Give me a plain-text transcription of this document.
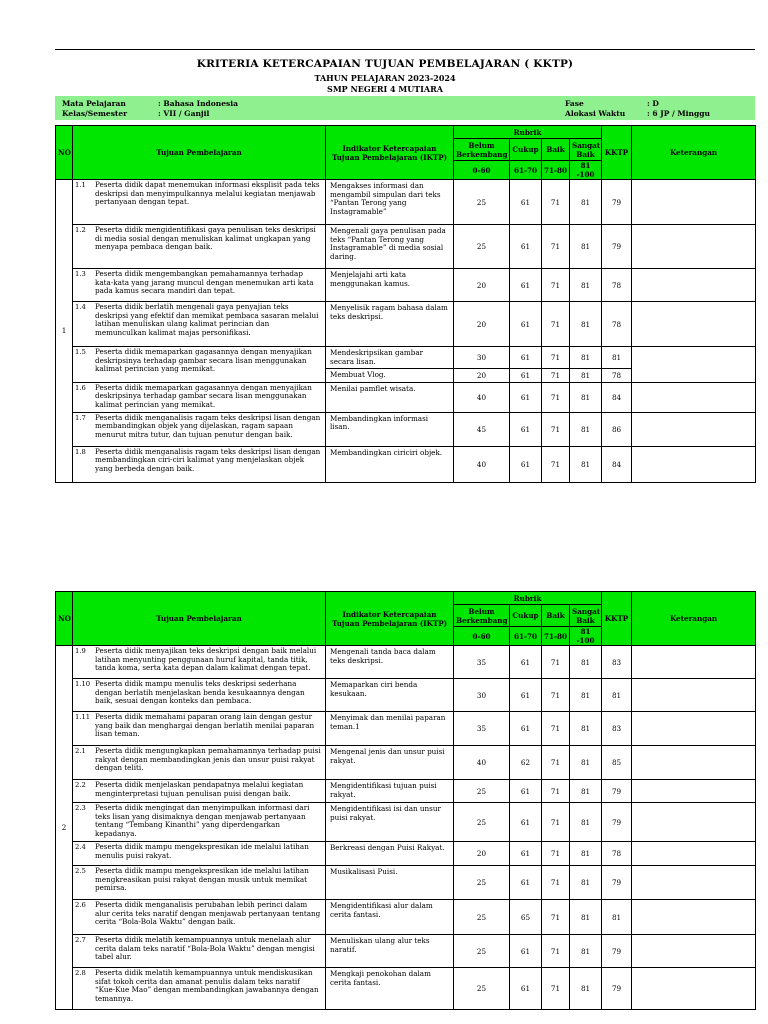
KRITERIA KETERCAPAIAN TUJUAN PEMBELAJARAN ( KKTP)
TAHUN PELAJARAN 2023-2024
SMP NEGERI 4 MUTIARA
Mata Pelajaran	: Bahasa Indonesia
Kelas/Semester	: VII / Ganjil
Fase	: D
Alokasi Waktu	: 6 JP / Minggu
NO	Tujuan Pembelajaran	Indikator Ketercapaian Tujuan Pembelajaran (IKTP)	Rubrik				KKTP	Keterangan
			Belum Berkembang	Cukup	Baik	Sangat Baik		
			0-60	61-70	71-80	81 -100		
1	1.1 Peserta didik dapat menemukan informasi eksplisit pada teks deskripsi dan menyimpulkannya melalui kegiatan menjawab pertanyaan dengan tepat.	Mengakses informasi dan mengambil simpulan dari teks “Pantan Terong yang Instagramable”	25	61	71	81	79	
	1.2 Peserta didik mengidentifikasi gaya penulisan teks deskripsi di media sosial dengan menuliskan kalimat ungkapan yang menyapa pembaca dengan baik.	Mengenali gaya penulisan pada teks “Pantan Terong yang Instagramable” di media sosial daring.	25	61	71	81	79	
	1.3 Peserta didik mengembangkan pemahamannya terhadap kata-kata yang jarang muncul dengan menemukan arti kata pada kamus secara mandiri dan tepat.	Menjelajahi arti kata menggunakan kamus.	20	61	71	81	78	
	1.4 Peserta didik berlatih mengenali gaya penyajian teks deskripsi yang efektif dan memikat pembaca sasaran melalui latihan menuliskan ulang kalimat perincian dan memunculkan kalimat majas personifikasi.	Menyelisik ragam bahasa dalam teks deskripsi.	20	61	71	81	78	
	1.5 Peserta didik memaparkan gagasannya dengan menyajikan deskripsinya terhadap gambar secara lisan menggunakan kalimat perincian yang memikat.	Mendeskripsikan gambar secara lisan.	30	61	71	81	81	
		Membuat Vlog.	20	61	71	81	78	
	1.6 Peserta didik memaparkan gagasannya dengan menyajikan deskripsinya terhadap gambar secara lisan menggunakan kalimat perincian yang memikat.	Menilai pamflet wisata.	40	61	71	81	84	
	1.7 Peserta didik menganalisis ragam teks deskripsi lisan dengan membandingkan objek yang dijelaskan, ragam sapaan menurut mitra tutur, dan tujuan penutur dengan baik.	Membandingkan informasi lisan.	45	61	71	81	86	
	1.8 Peserta didik menganalisis ragam teks deskripsi lisan dengan membandingkan ciri-ciri kalimat yang menjelaskan objek yang berbeda dengan baik.	Membandingkan ciriciri objek.	40	61	71	81	84	
NO	Tujuan Pembelajaran	Indikator Ketercapaian Tujuan Pembelajaran (IKTP)	Rubrik				KKTP	Keterangan
			Belum Berkembang	Cukup	Baik	Sangat Baik		
			0-60	61-70	71-80	81 -100		
2	1.9 Peserta didik menyajikan teks deskripsi dengan baik melalui latihan menyunting penggunaan huruf kapital, tanda titik, tanda koma, serta kata depan dalam kalimat dengan tepat.	Mengenali tanda baca dalam teks deskripsi.	35	61	71	81	83	
	1.10 Peserta didik mampu menulis teks deskripsi sederhana dengan berlatih menjelaskan benda kesukaannya dengan baik, sesuai dengan konteks dan pembaca.	Memaparkan ciri benda kesukaan.	30	61	71	81	81	
	1.11 Peserta didik memahami paparan orang lain dengan gestur yang baik dan menghargai dengan berlatih menilai paparan lisan teman.	Menyimak dan menilai paparan teman.1	35	61	71	81	83	
	2.1 Peserta didik mengungkapkan pemahamannya terhadap puisi rakyat dengan membandingkan jenis dan unsur puisi rakyat dengan teliti.	Mengenal jenis dan unsur puisi rakyat.	40	62	71	81	85	
	2.2 Peserta didik menjelaskan pendapatnya melalui kegiatan menginterpretasi tujuan penulisan puisi dengan baik.	Mengidentifikasi tujuan puisi rakyat.	25	61	71	81	79	
	2.3 Peserta didik mengingat dan menyimpulkan informasi dari teks lisan yang disimaknya dengan menjawab pertanyaan tentang “Tembang Kinanthi” yang diperdengarkan kepadanya.	Mengidentifikasi isi dan unsur puisi rakyat.	25	61	71	81	79	
	2.4 Peserta didik mampu mengekspresikan ide melalui latihan menulis puisi rakyat.	Berkreasi dengan Puisi Rakyat.	20	61	71	81	78	
	2.5 Peserta didik mampu mengekspresikan ide melalui latihan mengkreasikan puisi rakyat dengan musik untuk memikat pemirsa.	Musikalisasi Puisi.	25	61	71	81	79	
	2.6 Peserta didik menganalisis perubahan lebih perinci dalam alur cerita teks naratif dengan menjawab pertanyaan tentang cerita “Bola-Bola Waktu” dengan baik.	Mengidentifikasi alur dalam cerita fantasi.	25	65	71	81	81	
	2.7 Peserta didik melatih kemampuannya untuk menelaah alur cerita dalam teks naratif “Bola-Bola Waktu” dengan mengisi tabel alur.	Menuliskan ulang alur teks naratif.	25	61	71	81	79	
	2.8 Peserta didik melatih kemampuannya untuk mendiskusikan sifat tokoh cerita dan amanat penulis dalam teks naratif “Kue-Kue Mao” dengan membandingkan jawabannya dengan temannya.	Mengkaji penokohan dalam cerita fantasi.	25	61	71	81	79	
